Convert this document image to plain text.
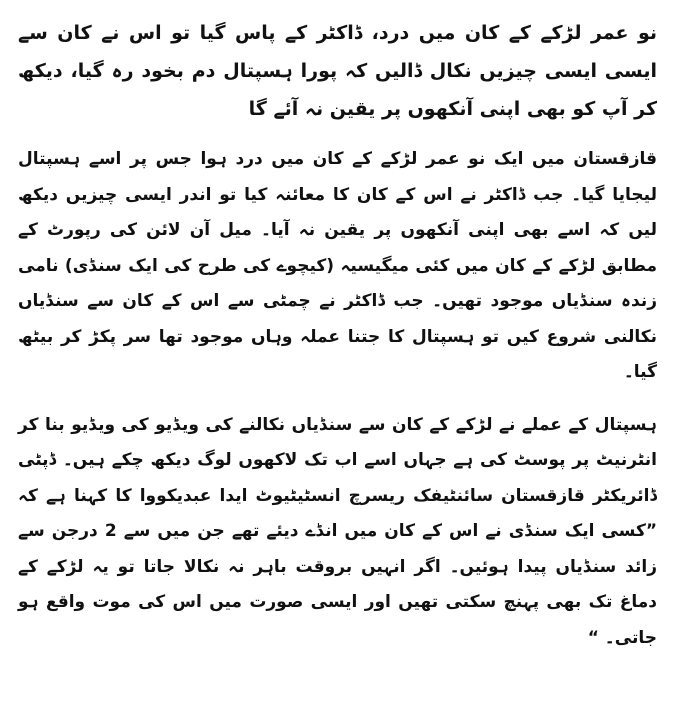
نو عمر لڑکے کے کان میں درد، ڈاکٹر کے پاس گیا تو اس نے کان سے ایسی ایسی چیزیں نکال ڈالیں کہ پورا ہسپتال دم بخود رہ گیا، دیکھ کر آپ کو بھی اپنی آنکھوں پر یقین نہ آئے گا

قازقستان میں ایک نو عمر لڑکے کے کان میں درد ہوا جس پر اسے ہسپتال لیجایا گیا۔ جب ڈاکٹر نے اس کے کان کا معائنہ کیا تو اندر ایسی چیزیں دیکھ لیں کہ اسے بھی اپنی آنکھوں پر یقین نہ آیا۔ میل آن لائن کی رپورٹ کے مطابق لڑکے کے کان میں کئی میگیسیہ (کیچوے کی طرح کی ایک سنڈی) نامی زندہ سنڈیاں موجود تھیں۔ جب ڈاکٹر نے چمٹی سے اس کے کان سے سنڈیاں نکالنی شروع کیں تو ہسپتال کا جتنا عملہ وہاں موجود تھا سر پکڑ کر بیٹھ گیا۔

ہسپتال کے عملے نے لڑکے کے کان سے سنڈیاں نکالنے کی ویڈیو کی ویڈیو بنا کر انٹرنیٹ پر پوسٹ کی ہے جہاں اسے اب تک لاکھوں لوگ دیکھ چکے ہیں۔ ڈپٹی ڈائریکٹر قازقستان سائنٹیفک ریسرچ انسٹیٹیوٹ ایدا عبدیکووا کا کہنا ہے کہ ”کسی ایک سنڈی نے اس کے کان میں انڈے دیئے تھے جن میں سے 2 درجن سے زائد سنڈیاں پیدا ہوئیں۔ اگر انہیں بروقت باہر نہ نکالا جاتا تو یہ لڑکے کے دماغ تک بھی پہنچ سکتی تھیں اور ایسی صورت میں اس کی موت واقع ہو جاتی۔ “
